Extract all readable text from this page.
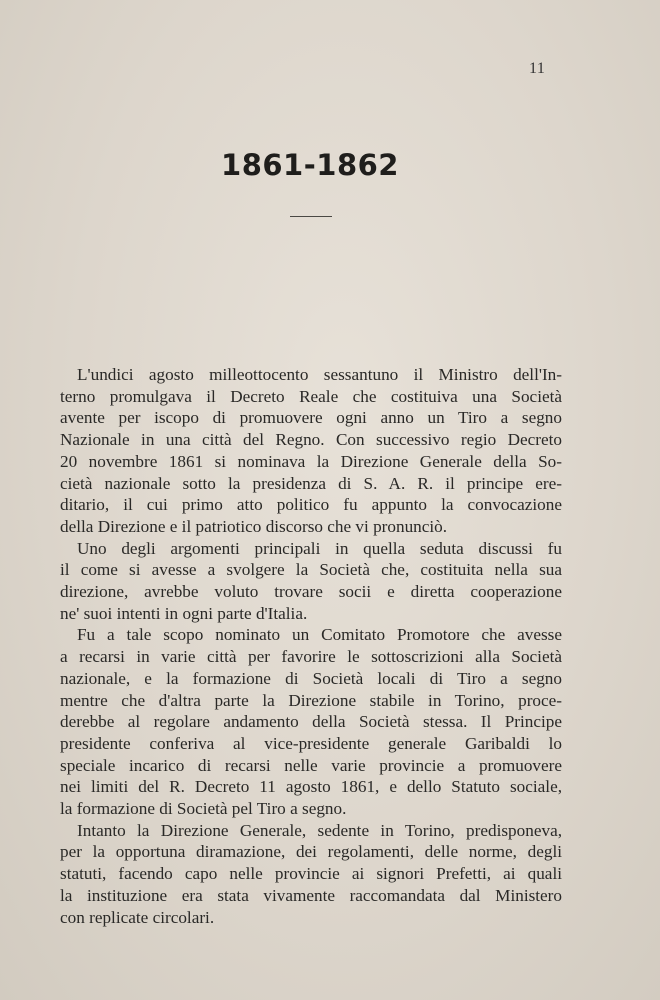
11
1861-1862
L'undici agosto milleottocento sessantuno il Ministro dell'In-
terno promulgava il Decreto Reale che costituiva una Società
avente per iscopo di promuovere ogni anno un Tiro a segno
Nazionale in una città del Regno. Con successivo regio Decreto
20 novembre 1861 si nominava la Direzione Generale della So-
cietà nazionale sotto la presidenza di S. A. R. il principe ere-
ditario, il cui primo atto politico fu appunto la convocazione
della Direzione e il patriotico discorso che vi pronunciò.
Uno degli argomenti principali in quella seduta discussi fu
il come si avesse a svolgere la Società che, costituita nella sua
direzione, avrebbe voluto trovare socii e diretta cooperazione
ne' suoi intenti in ogni parte d'Italia.
Fu a tale scopo nominato un Comitato Promotore che avesse
a recarsi in varie città per favorire le sottoscrizioni alla Società
nazionale, e la formazione di Società locali di Tiro a segno
mentre che d'altra parte la Direzione stabile in Torino, proce-
derebbe al regolare andamento della Società stessa. Il Principe
presidente conferiva al vice-presidente generale Garibaldi lo
speciale incarico di recarsi nelle varie provincie a promuovere
nei limiti del R. Decreto 11 agosto 1861, e dello Statuto sociale,
la formazione di Società pel Tiro a segno.
Intanto la Direzione Generale, sedente in Torino, predisponeva,
per la opportuna diramazione, dei regolamenti, delle norme, degli
statuti, facendo capo nelle provincie ai signori Prefetti, ai quali
la instituzione era stata vivamente raccomandata dal Ministero
con replicate circolari.
